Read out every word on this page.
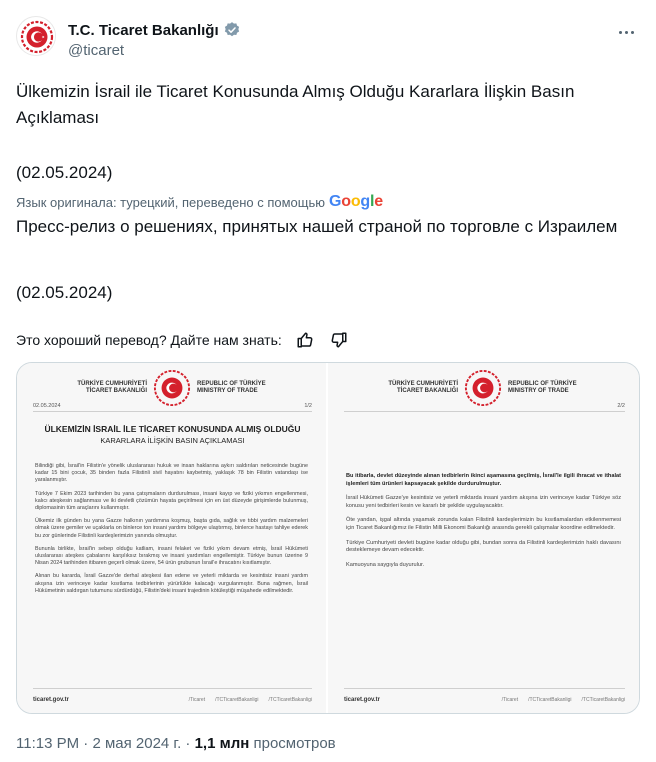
T.C. Ticaret Bakanlığı
@ticaret

Ülkemizin İsrail ile Ticaret Konusunda Almış Olduğu Kararlara İlişkin Basın Açıklaması

(02.05.2024)
Язык оригинала: турецкий, переведено с помощью Google
Пресс-релиз о решениях, принятых нашей страной по торговле с Израилем
(02.05.2024)
Это хороший перевод? Дайте нам знать:
TÜRKİYE CUMHURİYETİ TİCARET BAKANLIĞI
REPUBLIC OF TÜRKİYE MINISTRY OF TRADE
02.05.2024	1/2
ÜLKEMİZİN İSRAİL İLE TİCARET KONUSUNDA ALMIŞ OLDUĞU
KARARLARA İLİŞKİN BASIN AÇIKLAMASI

Bilindiği gibi, İsrail'in Filistin'e yönelik uluslararası hukuk ve insan haklarına aykırı saldırıları neticesinde bugüne kadar 15 bini çocuk, 35 binden fazla Filistinli sivil hayatını kaybetmiş, yaklaşık 78 bin Filistin vatandaşı ise yaralanmıştır.

Türkiye 7 Ekim 2023 tarihinden bu yana çatışmaların durdurulması, insani kayıp ve fiziki yıkımın engellenmesi, kalıcı ateşkesin sağlanması ve iki devletli çözümün hayata geçirilmesi için en üst düzeyde girişimlerde bulunmuş, diplomasinin tüm araçlarını kullanmıştır.

Ülkemiz ilk günden bu yana Gazze halkının yardımına koşmuş, başta gıda, sağlık ve tıbbi yardım malzemeleri olmak üzere gemiler ve uçaklarla on binlerce ton insani yardımı bölgeye ulaştırmış, binlerce hastayı tahliye ederek bu zor günlerinde Filistinli kardeşlerimizin yanında olmuştur.

Bununla birlikte, İsrail'in sebep olduğu katliam, insani felaket ve fiziki yıkım devam etmiş, İsrail Hükümeti uluslararası ateşkes çabalarını karşılıksız bırakmış ve insani yardımları engellemiştir. Türkiye bunun üzerine 9 Nisan 2024 tarihinden itibaren geçerli olmak üzere, 54 ürün grubunun İsrail'e ihracatını kısıtlamıştır.

Alınan bu kararda, İsrail Gazze'de derhal ateşkesi ilan edene ve yeterli miktarda ve kesintisiz insani yardım akışına izin verinceye kadar kısıtlama tedbirlerinin yürürlükte kalacağı vurgulanmıştır. Buna rağmen, İsrail Hükümetinin saldırgan tutumunu sürdürdüğü, Filistin'deki insani trajedinin kötüleştiği müşahede edilmektedir.

ticaret.gov.tr	/Ticaret /TCTicaretBakanligi /TCTicaretBakanligi
TÜRKİYE CUMHURİYETİ TİCARET BAKANLIĞI
REPUBLIC OF TÜRKİYE MINISTRY OF TRADE
2/2

Bu itibarla, devlet düzeyinde alınan tedbirlerin ikinci aşamasına geçilmiş, İsrail'le ilgili ihracat ve ithalat işlemleri tüm ürünleri kapsayacak şekilde durdurulmuştur.

İsrail Hükümeti Gazze'ye kesintisiz ve yeterli miktarda insani yardım akışına izin verinceye kadar Türkiye söz konusu yeni tedbirleri kesin ve kararlı bir şekilde uygulayacaktır.

Öte yandan, işgal altında yaşamak zorunda kalan Filistinli kardeşlerimizin bu kısıtlamalardan etkilenmemesi için Ticaret Bakanlığımız ile Filistin Milli Ekonomi Bakanlığı arasında gerekli çalışmalar koordine edilmektedir.

Türkiye Cumhuriyeti devleti bugüne kadar olduğu gibi, bundan sonra da Filistinli kardeşlerimizin haklı davasını desteklemeye devam edecektir.

Kamuoyuna saygıyla duyurulur.

ticaret.gov.tr	/Ticaret /TCTicaretBakanligi /TCTicaretBakanligi
11:13 PM · 2 мая 2024 г. · 1,1 млн просмотров
